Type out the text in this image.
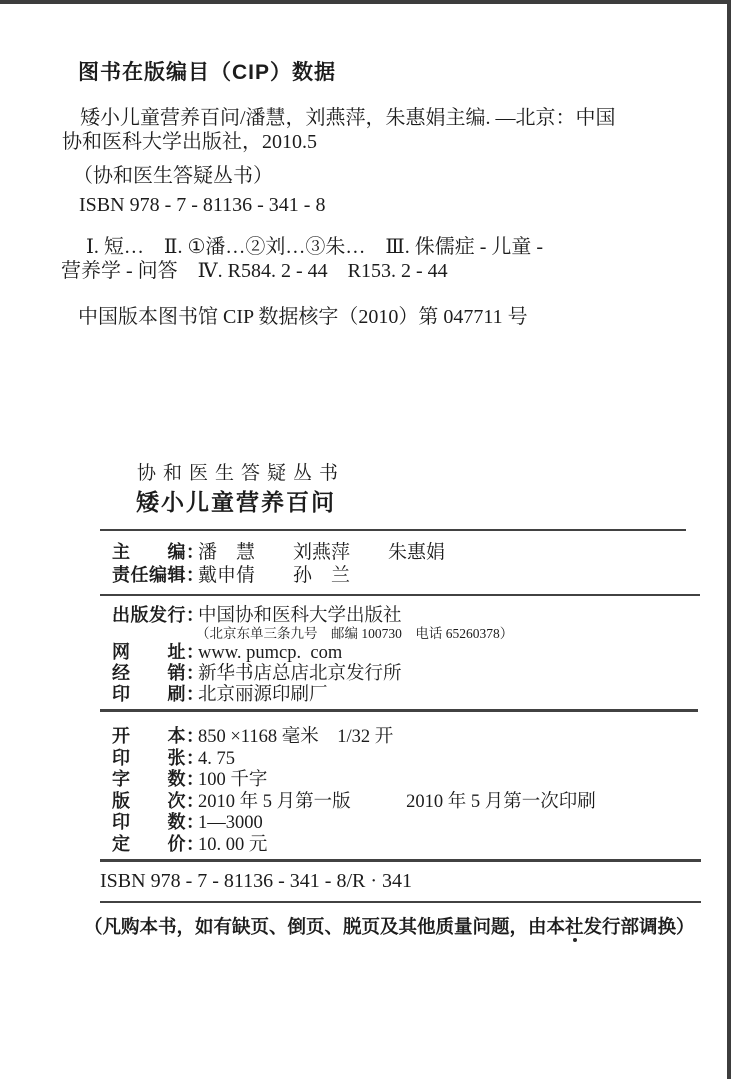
图书在版编目（CIP）数据
矮小儿童营养百问/潘慧，刘燕萍，朱惠娟主编. —北京：中国
协和医科大学出版社，2010.5
（协和医生答疑丛书）
ISBN 978 - 7 - 81136 - 341 - 8
Ⅰ. 短…　Ⅱ. ①潘…②刘…③朱…　Ⅲ. 侏儒症 - 儿童 -
营养学 - 问答　Ⅳ. R584. 2 - 44　R153. 2 - 44
中国版本图书馆 CIP 数据核字（2010）第 047711 号
协和医生答疑丛书
矮小儿童营养百问
主　　编：
潘　慧　　刘燕萍　　朱惠娟
责任编辑：
戴申倩　　孙　兰
出版发行：
中国协和医科大学出版社
（北京东单三条九号　邮编 100730　电话 65260378）
网　　址：
www. pumcp.  com
经　　销：
新华书店总店北京发行所
印　　刷：
北京丽源印刷厂
开　　本：
850 ×1168 毫米　1/32 开
印　　张：
4. 75
字　　数：
100 千字
版　　次：
2010 年 5 月第一版　　　2010 年 5 月第一次印刷
印　　数：
1—3000
定　　价：
10. 00 元
ISBN 978 - 7 - 81136 - 341 - 8/R · 341
（凡购本书，如有缺页、倒页、脱页及其他质量问题，由本社发行部调换）
